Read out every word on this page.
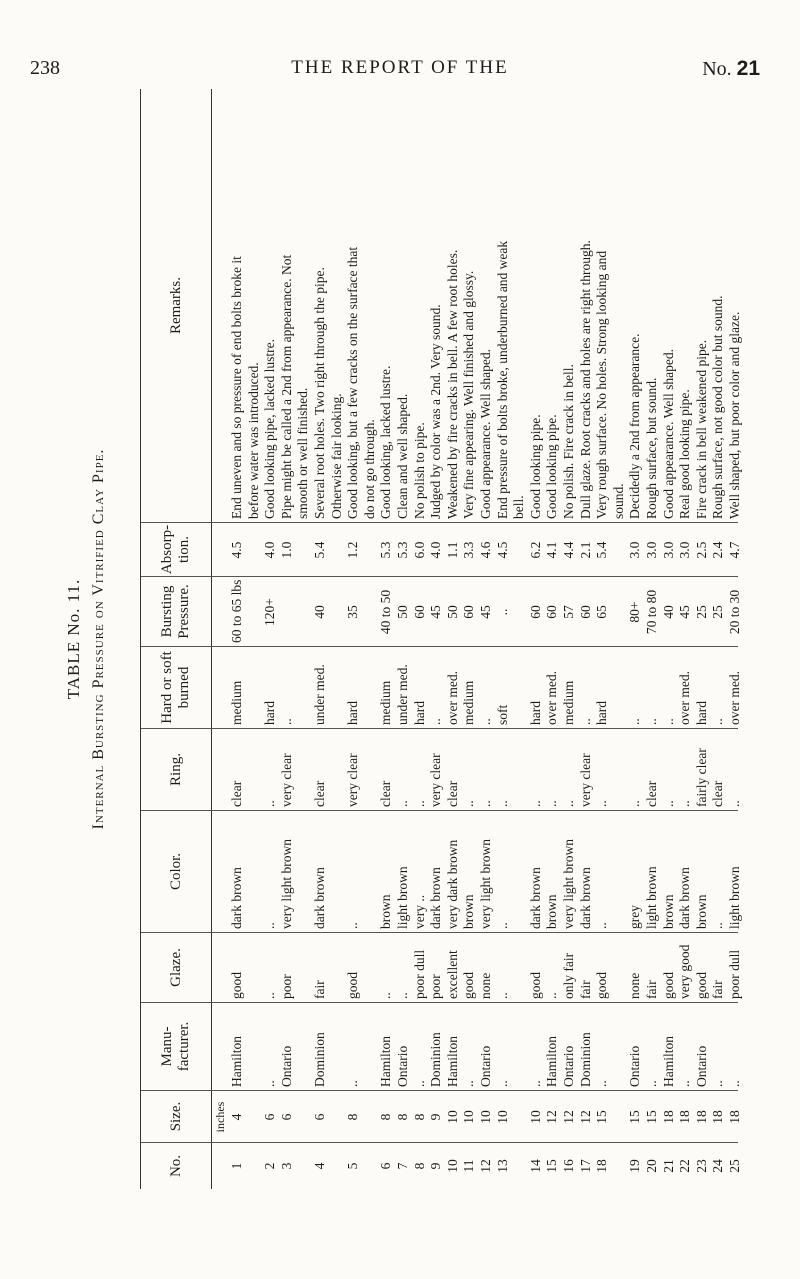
238	THE REPORT OF THE	No. 21
TABLE No. 11. Internal Bursting Pressure on Vitrified Clay Pipe.
No.
Size.
Manu- facturer.
Glaze.
Color.
Ring.
Hard or soft burned
Bursting Pressure.
Absorp- tion.
Remarks.
inches
1
4
Hamilton
good
dark brown
clear
medium
60 to 65 lbs
4.5
End uneven and so pressure of end bolts broke it before water was introduced.
2
6
..
..
..
..
hard
120+
4.0
Good looking pipe, lacked lustre.
3
6
Ontario
poor
very light brown
very clear
..
1.0
Pipe might be called a 2nd from appearance. Not smooth or well finished.
4
6
Dominion
fair
dark brown
clear
under med.
40
5.4
Several root holes. Two right through the pipe. Otherwise fair looking.
5
8
..
good
..
very clear
hard
35
1.2
Good looking, but a few cracks on the surface that do not go through.
6
8
Hamilton
..
brown
clear
medium
40 to 50
5.3
Good looking, lacked lustre.
7
8
Ontario
..
light brown
..
under med.
50
5.3
Clean and well shaped.
8
8
..
poor dull
very ..
..
hard
60
6.0
No polish to pipe.
9
9
Dominion
poor
dark brown
very clear
..
45
4.0
Judged by color was a 2nd. Very sound.
10
10
Hamilton
excellent
very dark brown
clear
over med.
50
1.1
Weakened by fire cracks in bell. A few root holes.
11
10
..
good
brown
..
medium
60
3.3
Very fine appearing. Well finished and glossy.
12
10
Ontario
none
very light brown
..
..
45
4.6
Good appearance. Well shaped.
13
10
..
..
..
..
soft
..
4.5
End pressure of bolts broke, underburned and weak bell.
14
10
..
good
dark brown
..
hard
60
6.2
Good looking pipe.
15
12
Hamilton
..
brown
..
over med.
60
4.1
Good looking pipe.
16
12
Ontario
only fair
very light brown
..
medium
57
4.4
No polish. Fire crack in bell.
17
12
Dominion
fair
dark brown
very clear
..
60
2.1
Dull glaze. Root cracks and holes are right through.
18
15
..
good
..
..
hard
65
5.4
Very rough surface. No holes. Strong looking and sound.
19
15
Ontario
none
grey
..
..
80+
3.0
Decidedly a 2nd from appearance.
20
15
..
fair
light brown
clear
..
70 to 80
3.0
Rough surface, but sound.
21
18
Hamilton
good
brown
..
..
40
3.0
Good appearance. Well shaped.
22
18
..
very good
dark brown
..
over med.
45
3.0
Real good looking pipe.
23
18
Ontario
good
brown
fairly clear
hard
25
2.5
Fire crack in bell weakened pipe.
24
18
..
fair
..
clear
..
25
2.4
Rough surface, not good color but sound.
25
18
..
poor dull
light brown
..
over med.
20 to 30
4.7
Well shaped, but poor color and glaze.
